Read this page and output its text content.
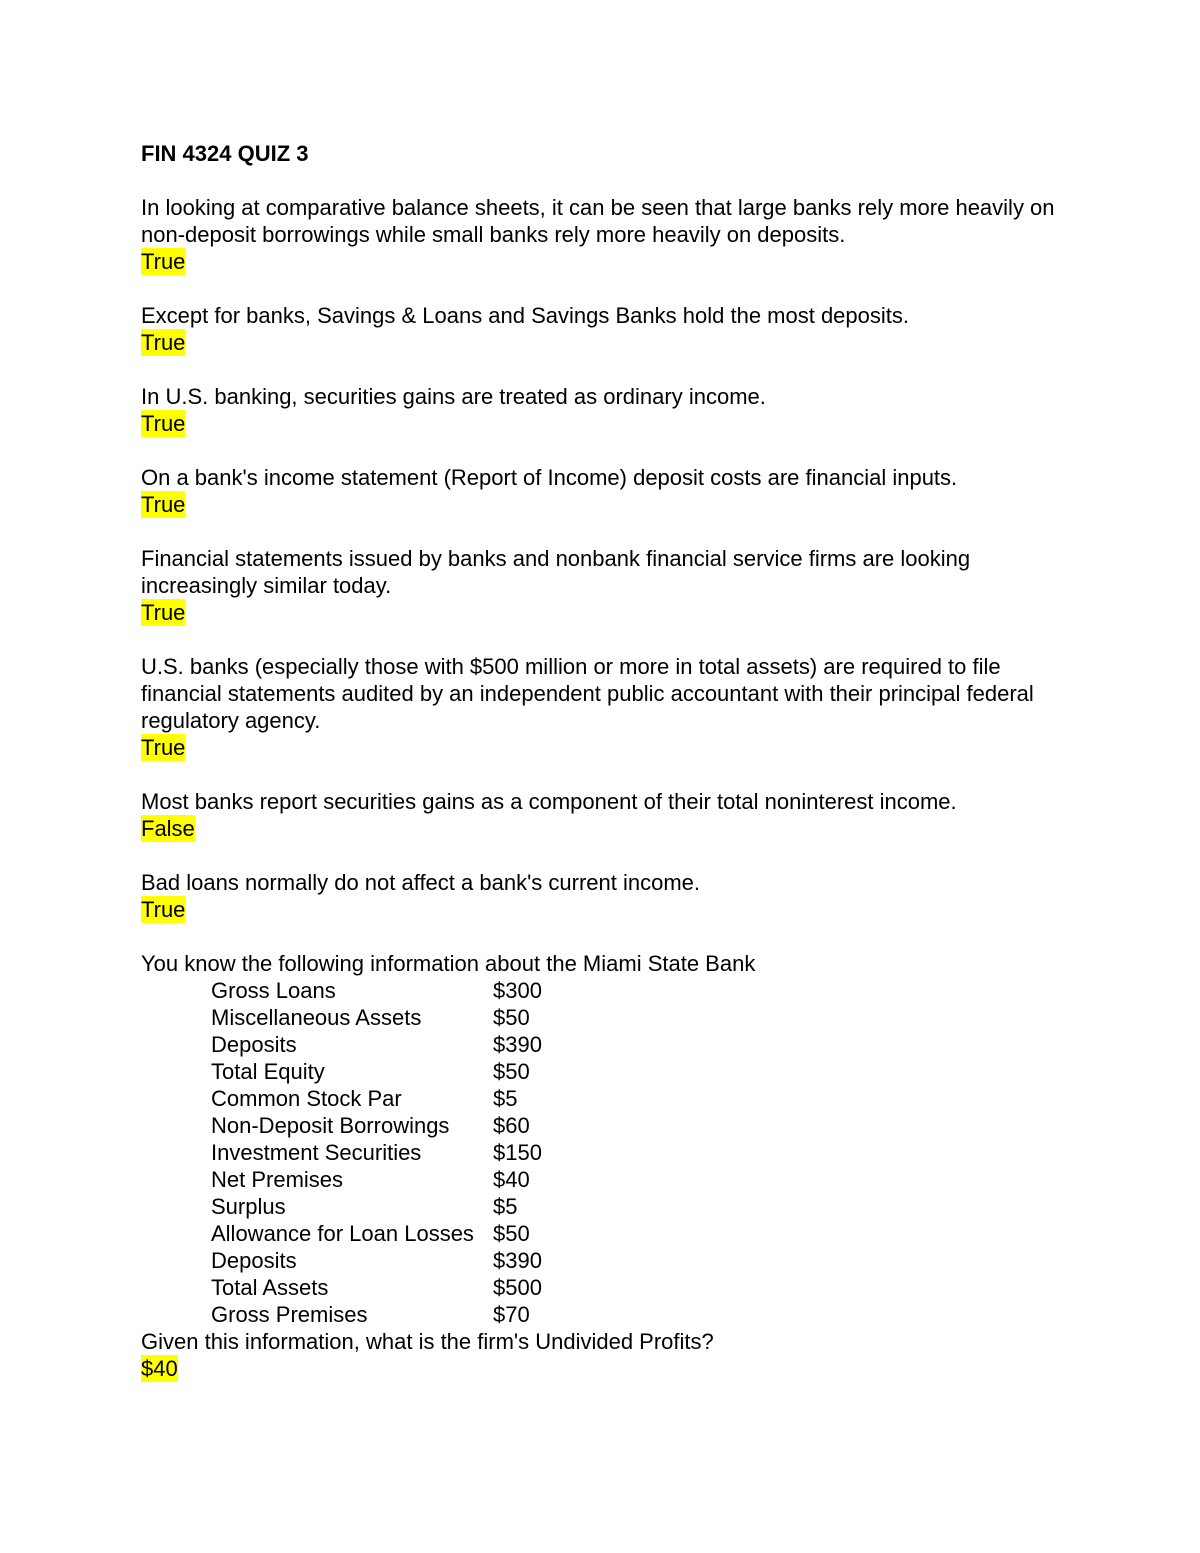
FIN 4324 QUIZ 3
In looking at comparative balance sheets, it can be seen that large banks rely more heavily on non-deposit borrowings while small banks rely more heavily on deposits.
True
Except for banks, Savings & Loans and Savings Banks hold the most deposits.
True
In U.S. banking, securities gains are treated as ordinary income.
True
On a bank's income statement (Report of Income) deposit costs are financial inputs.
True
Financial statements issued by banks and nonbank financial service firms are looking increasingly similar today.
True
U.S. banks (especially those with $500 million or more in total assets) are required to file financial statements audited by an independent public accountant with their principal federal regulatory agency.
True
Most banks report securities gains as a component of their total noninterest income.
False
Bad loans normally do not affect a bank's current income.
True
You know the following information about the Miami State Bank
Gross Loans	$300
Miscellaneous Assets	$50
Deposits	$390
Total Equity	$50
Common Stock Par	$5
Non-Deposit Borrowings	$60
Investment Securities	$150
Net Premises	$40
Surplus	$5
Allowance for Loan Losses	$50
Deposits	$390
Total Assets	$500
Gross Premises	$70
Given this information, what is the firm's Undivided Profits?
$40
